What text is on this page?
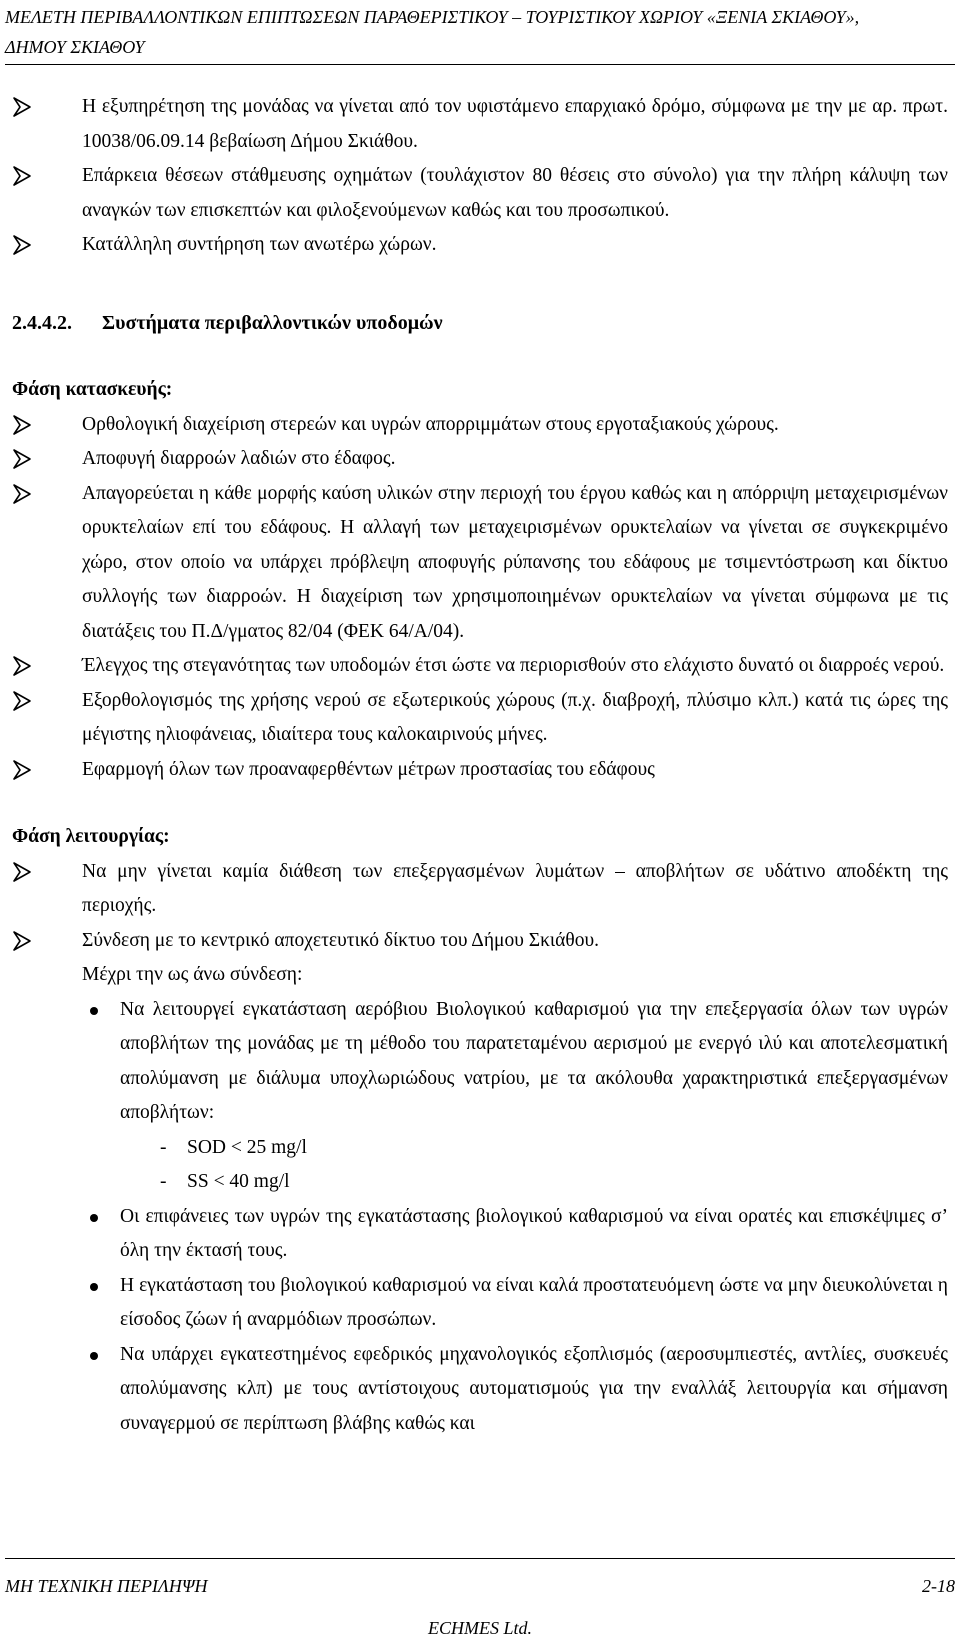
ΜΕΛΕΤΗ ΠΕΡΙΒΑΛΛΟΝΤΙΚΩΝ ΕΠΙΠΤΩΣΕΩΝ ΠΑΡΑΘΕΡΙΣΤΙΚΟΥ – ΤΟΥΡΙΣΤΙΚΟΥ ΧΩΡΙΟΥ «ΞΕΝΙΑ ΣΚΙΑΘΟΥ»,
ΔΗΜΟΥ ΣΚΙΑΘΟΥ
Η εξυπηρέτηση της μονάδας να γίνεται από τον υφιστάμενο επαρχιακό δρόμο, σύμφωνα με την με αρ. πρωτ. 10038/06.09.14 βεβαίωση Δήμου Σκιάθου.
Επάρκεια θέσεων στάθμευσης οχημάτων (τουλάχιστον 80 θέσεις στο σύνολο) για την πλήρη κάλυψη των αναγκών των επισκεπτών και φιλοξενούμενων καθώς και του προσωπικού.
Κατάλληλη συντήρηση των ανωτέρω χώρων.
2.4.4.2. Συστήματα περιβαλλοντικών υποδομών
Φάση κατασκευής:
Ορθολογική διαχείριση στερεών και υγρών απορριμμάτων στους εργοταξιακούς χώρους.
Αποφυγή διαρροών λαδιών στο έδαφος.
Απαγορεύεται η κάθε μορφής καύση υλικών στην περιοχή του έργου καθώς και η απόρριψη μεταχειρισμένων ορυκτελαίων επί του εδάφους. Η αλλαγή των μεταχειρισμένων ορυκτελαίων να γίνεται σε συγκεκριμένο χώρο, στον οποίο να υπάρχει πρόβλεψη αποφυγής ρύπανσης του εδάφους με τσιμεντόστρωση και δίκτυο συλλογής των διαρροών. Η διαχείριση των χρησιμοποιημένων ορυκτελαίων να γίνεται σύμφωνα με τις διατάξεις του Π.Δ/γματος 82/04 (ΦΕΚ 64/Α/04).
Έλεγχος της στεγανότητας των υποδομών έτσι ώστε να περιορισθούν στο ελάχιστο δυνατό οι διαρροές νερού.
Εξορθολογισμός της χρήσης νερού σε εξωτερικούς χώρους (π.χ. διαβροχή, πλύσιμο κλπ.) κατά τις ώρες της μέγιστης ηλιοφάνειας, ιδιαίτερα τους καλοκαιρινούς μήνες.
Εφαρμογή όλων των προαναφερθέντων μέτρων προστασίας του εδάφους
Φάση λειτουργίας:
Να μην γίνεται καμία διάθεση των επεξεργασμένων λυμάτων – αποβλήτων σε υδάτινο αποδέκτη της περιοχής.
Σύνδεση με το κεντρικό αποχετευτικό δίκτυο του Δήμου Σκιάθου.
Μέχρι την ως άνω σύνδεση:
Να λειτουργεί εγκατάσταση αερόβιου Βιολογικού καθαρισμού για την επεξεργασία όλων των υγρών αποβλήτων της μονάδας με τη μέθοδο του παρατεταμένου αερισμού με ενεργό ιλύ και αποτελεσματική απολύμανση με διάλυμα υποχλωριώδους νατρίου, με τα ακόλουθα χαρακτηριστικά επεξεργασμένων αποβλήτων:
- SOD < 25 mg/l
- SS < 40 mg/l
Οι επιφάνειες των υγρών της εγκατάστασης βιολογικού καθαρισμού να είναι ορατές και επισκέψιμες σ’ όλη την έκτασή τους.
Η εγκατάσταση του βιολογικού καθαρισμού να είναι καλά προστατευόμενη ώστε να μην διευκολύνεται η είσοδος ζώων ή αναρμόδιων προσώπων.
Να υπάρχει εγκατεστημένος εφεδρικός μηχανολογικός εξοπλισμός (αεροσυμπιεστές, αντλίες, συσκευές απολύμανσης κλπ) με τους αντίστοιχους αυτοματισμούς για την εναλλάξ λειτουργία και σήμανση συναγερμού σε περίπτωση βλάβης καθώς και
ΜΗ ΤΕΧΝΙΚΗ ΠΕΡΙΛΗΨΗ	2-18
ECHMES Ltd.
